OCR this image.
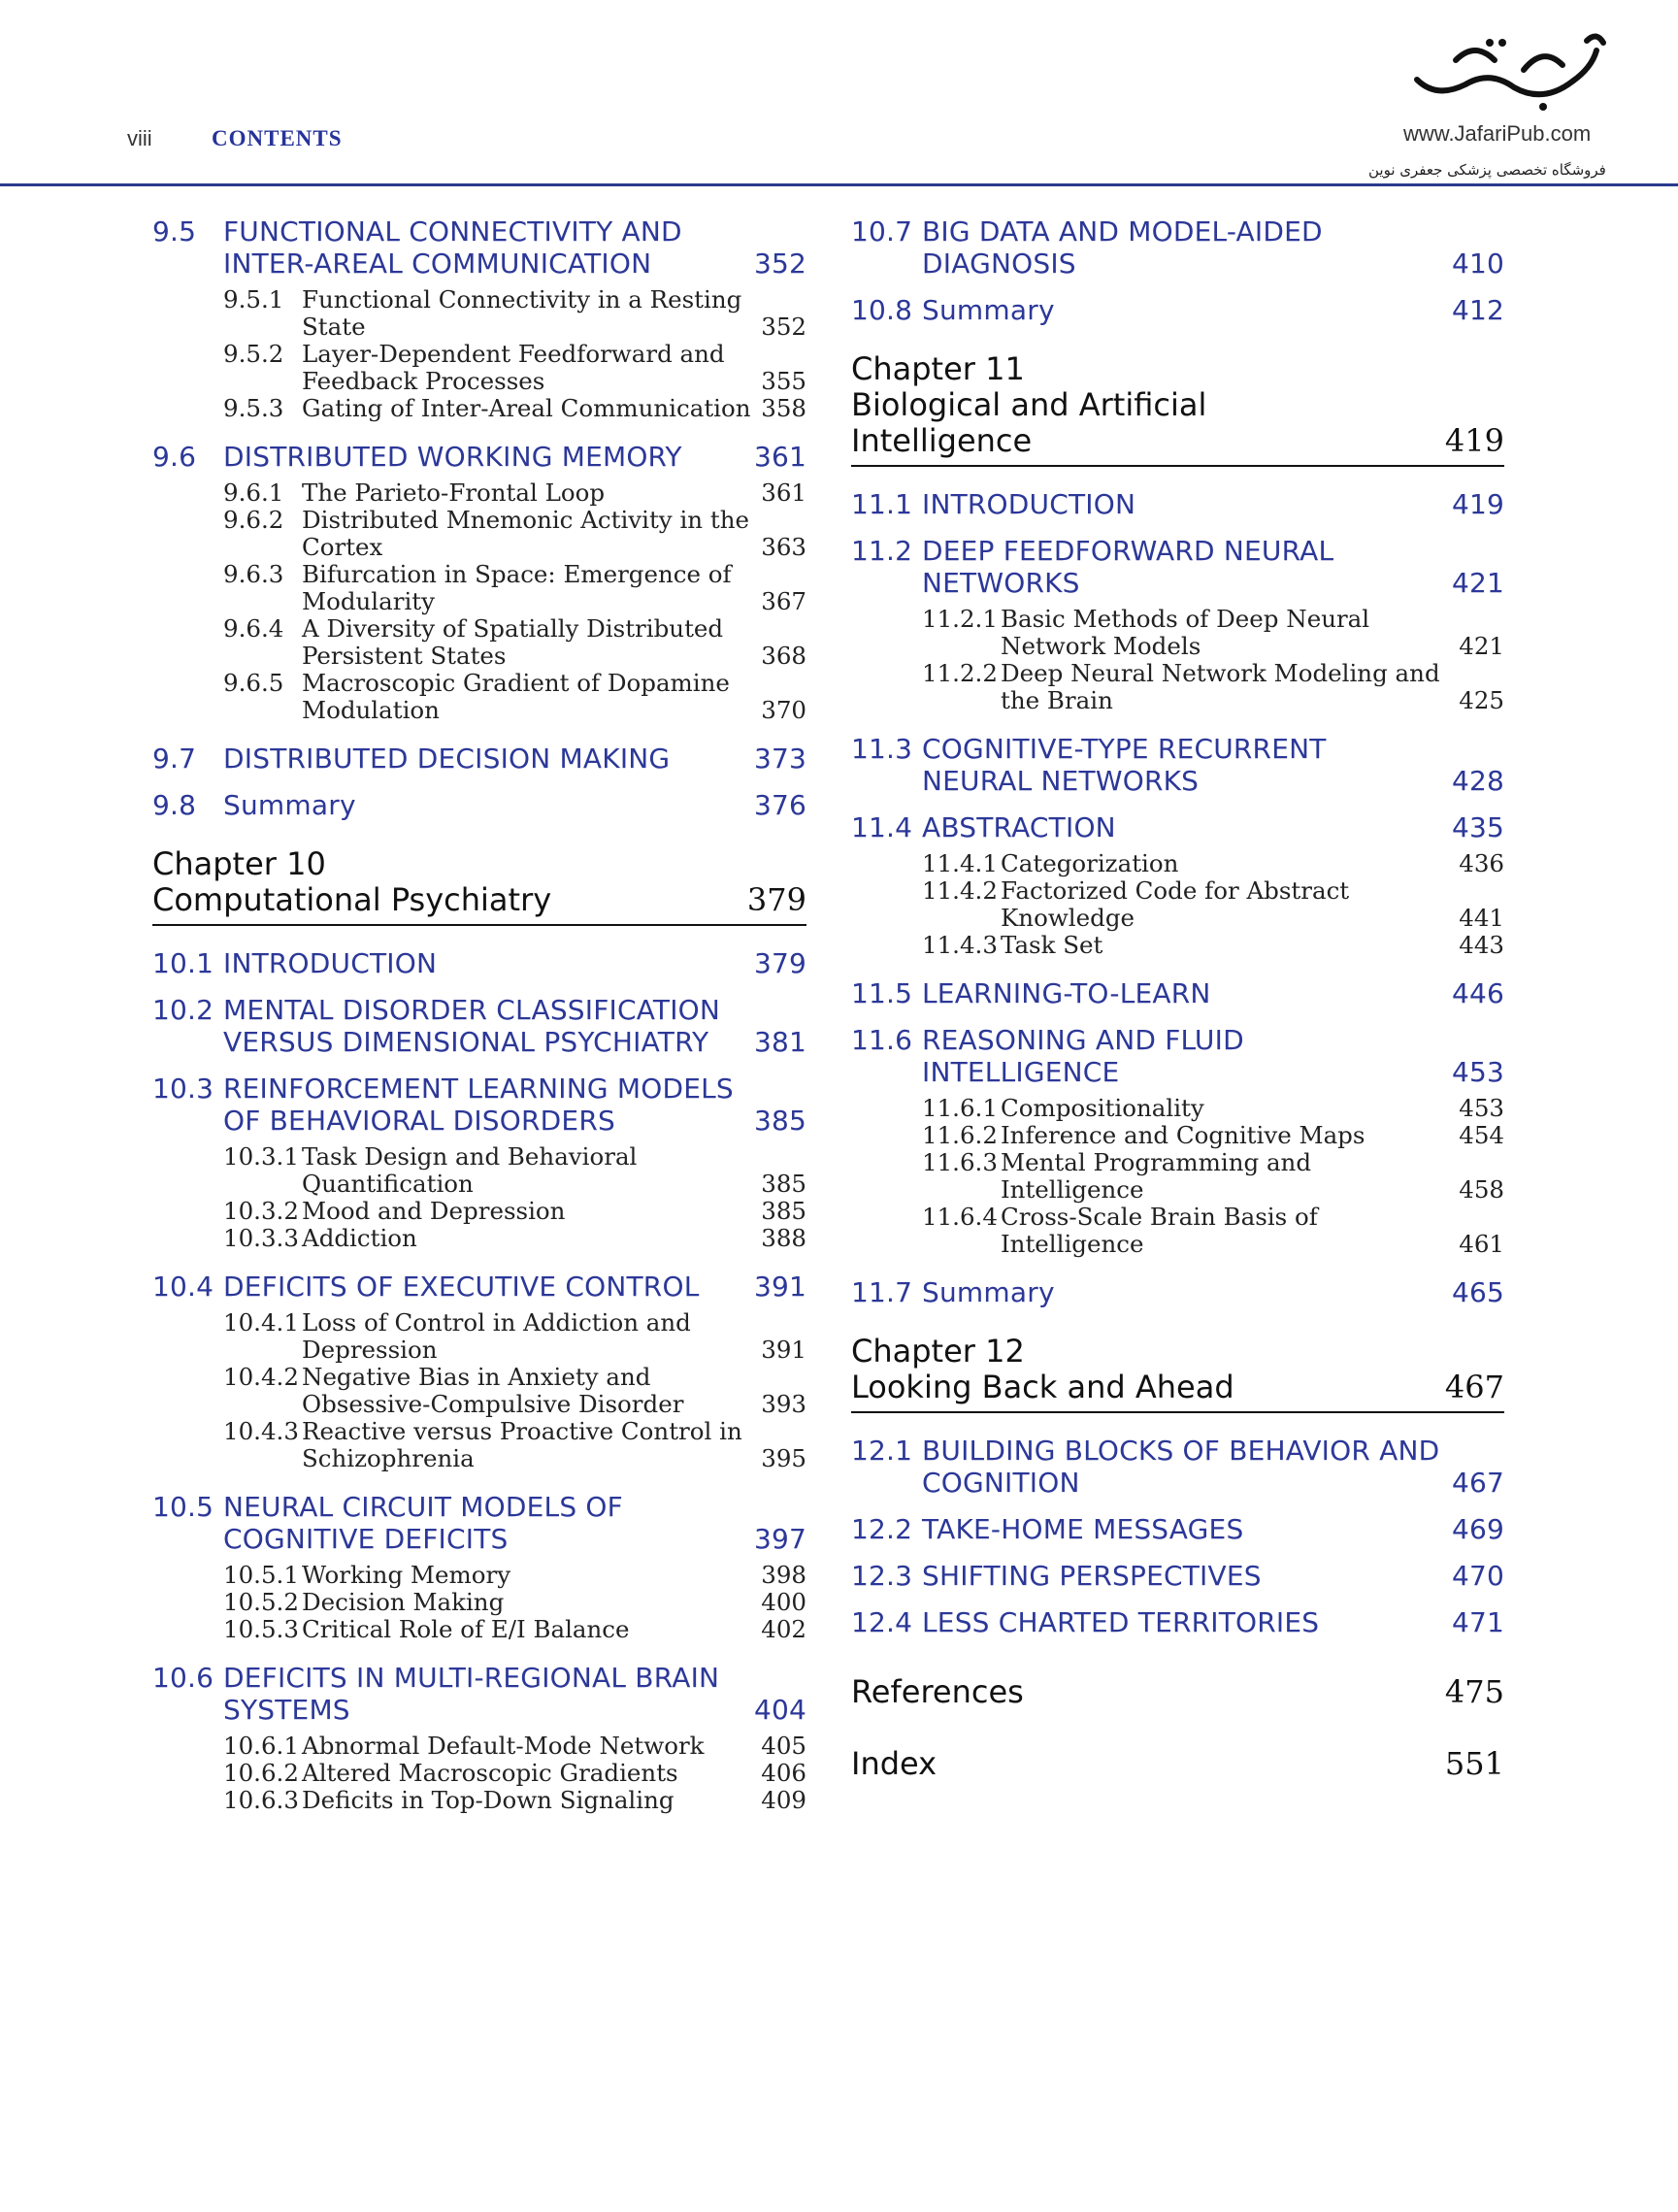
viii	CONTENTS	www.JafariPub.com
فروشگاه تخصصی پزشکی جعفری نوین
9.5 FUNCTIONAL CONNECTIVITY AND INTER-AREAL COMMUNICATION	352
9.5.1 Functional Connectivity in a Resting State	352
9.5.2 Layer-Dependent Feedforward and Feedback Processes	355
9.5.3 Gating of Inter-Areal Communication 358
9.6 DISTRIBUTED WORKING MEMORY	361
9.6.1 The Parieto-Frontal Loop	361
9.6.2 Distributed Mnemonic Activity in the Cortex	363
9.6.3 Bifurcation in Space: Emergence of Modularity	367
9.6.4 A Diversity of Spatially Distributed Persistent States	368
9.6.5 Macroscopic Gradient of Dopamine Modulation	370
9.7 DISTRIBUTED DECISION MAKING	373
9.8 Summary	376
Chapter 10
Computational Psychiatry	379
10.1 INTRODUCTION	379
10.2 MENTAL DISORDER CLASSIFICATION VERSUS DIMENSIONAL PSYCHIATRY	381
10.3 REINFORCEMENT LEARNING MODELS OF BEHAVIORAL DISORDERS	385
10.3.1 Task Design and Behavioral Quantification	385
10.3.2 Mood and Depression	385
10.3.3 Addiction	388
10.4 DEFICITS OF EXECUTIVE CONTROL	391
10.4.1 Loss of Control in Addiction and Depression	391
10.4.2 Negative Bias in Anxiety and Obsessive-Compulsive Disorder	393
10.4.3 Reactive versus Proactive Control in Schizophrenia	395
10.5 NEURAL CIRCUIT MODELS OF COGNITIVE DEFICITS	397
10.5.1 Working Memory	398
10.5.2 Decision Making	400
10.5.3 Critical Role of E/I Balance	402
10.6 DEFICITS IN MULTI-REGIONAL BRAIN SYSTEMS	404
10.6.1 Abnormal Default-Mode Network	405
10.6.2 Altered Macroscopic Gradients	406
10.6.3 Deficits in Top-Down Signaling	409
10.7 BIG DATA AND MODEL-AIDED DIAGNOSIS	410
10.8 Summary	412
Chapter 11
Biological and Artificial
Intelligence	419
11.1 INTRODUCTION	419
11.2 DEEP FEEDFORWARD NEURAL NETWORKS	421
11.2.1 Basic Methods of Deep Neural Network Models	421
11.2.2 Deep Neural Network Modeling and the Brain	425
11.3 COGNITIVE-TYPE RECURRENT NEURAL NETWORKS	428
11.4 ABSTRACTION	435
11.4.1 Categorization	436
11.4.2 Factorized Code for Abstract Knowledge	441
11.4.3 Task Set	443
11.5 LEARNING-TO-LEARN	446
11.6 REASONING AND FLUID INTELLIGENCE	453
11.6.1 Compositionality	453
11.6.2 Inference and Cognitive Maps	454
11.6.3 Mental Programming and Intelligence	458
11.6.4 Cross-Scale Brain Basis of Intelligence	461
11.7 Summary	465
Chapter 12
Looking Back and Ahead	467
12.1 BUILDING BLOCKS OF BEHAVIOR AND COGNITION	467
12.2 TAKE-HOME MESSAGES	469
12.3 SHIFTING PERSPECTIVES	470
12.4 LESS CHARTED TERRITORIES	471
References	475
Index	551
